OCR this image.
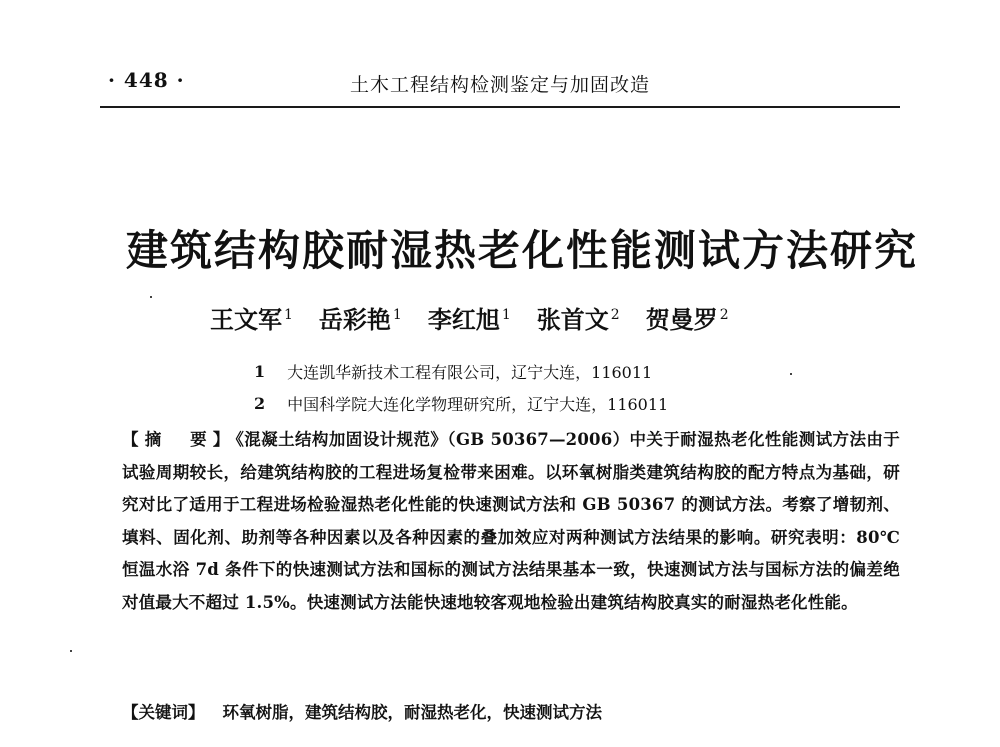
· 448 ·	土木工程结构检测鉴定与加固改造
建筑结构胶耐湿热老化性能测试方法研究
王文军 $^1$ 岳彩艳 $^1$ 李红旭 $^1$ 张首文 $^2$ 贺曼罗 $^2$
1 大连凯华新技术工程有限公司，辽宁大连，116011
2 中国科学院大连化学物理研究所，辽宁大连，116011
【摘　要】《混凝土结构加固设计规范》（GB 50367—2006）中关于耐湿热老化性能测试方法由于试验周期较长，给建筑结构胶的工程进场复检带来困难。以环氧树脂类建筑结构胶的配方特点为基础，研究对比了适用于工程进场检验湿热老化性能的快速测试方法和 GB 50367 的测试方法。考察了增韧剂、填料、固化剂、助剂等各种因素以及各种因素的叠加效应对两种测试方法结果的影响。研究表明：80℃恒温水浴 7d 条件下的快速测试方法和国标的测试方法结果基本一致，快速测试方法与国标方法的偏差绝对值最大不超过 1.5%。快速测试方法能快速地较客观地检验出建筑结构胶真实的耐湿热老化性能。
【关键词】 环氧树脂，建筑结构胶，耐湿热老化，快速测试方法
